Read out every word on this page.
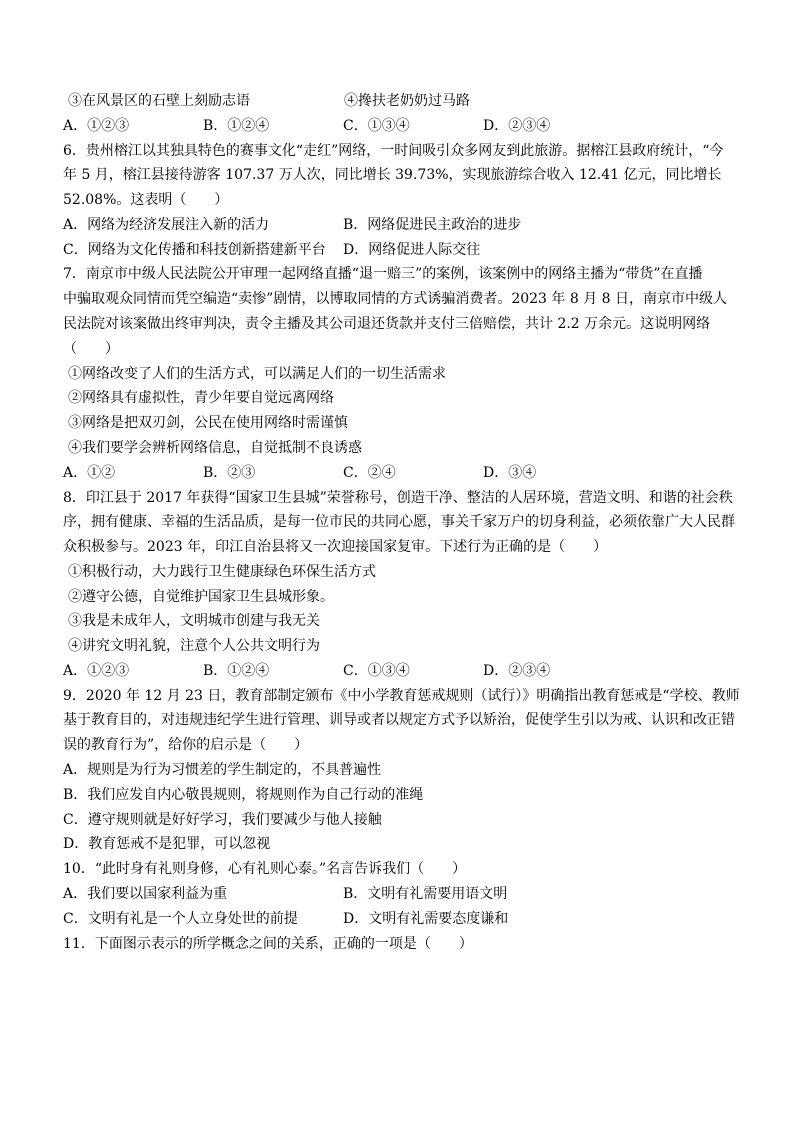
③在风景区的石壁上刻励志语	④搀扶老奶奶过马路
A．①②③	B．①②④	C．①③④	D．②③④
6．贵州榕江以其独具特色的赛事文化“走红”网络，一时间吸引众多网友到此旅游。据榕江县政府统计，“今
年 5 月，榕江县接待游客 107.37 万人次，同比增长 39.73%，实现旅游综合收入 12.41 亿元，同比增长
52.08%。这表明（　　）
A．网络为经济发展注入新的活力	B．网络促进民主政治的进步
C．网络为文化传播和科技创新搭建新平台 D．网络促进人际交往
7．南京市中级人民法院公开审理一起网络直播“退一赔三”的案例，该案例中的网络主播为“带货”在直播
中骗取观众同情而凭空编造“卖惨”剧情，以博取同情的方式诱骗消费者。2023 年 8 月 8 日，南京市中级人
民法院对该案做出终审判决，责令主播及其公司退还货款并支付三倍赔偿，共计 2.2 万余元。这说明网络
（　　）
①网络改变了人们的生活方式，可以满足人们的一切生活需求
②网络具有虚拟性，青少年要自觉远离网络
③网络是把双刃剑，公民在使用网络时需谨慎
④我们要学会辨析网络信息，自觉抵制不良诱惑
A．①②	B．②③	C．②④	D．③④
8．印江县于 2017 年获得“国家卫生县城”荣誉称号，创造干净、整洁的人居环境，营造文明、和谐的社会秩
序，拥有健康、幸福的生活品质，是每一位市民的共同心愿，事关千家万户的切身利益，必须依靠广大人民群
众积极参与。2023 年，印江自治县将又一次迎接国家复审。下述行为正确的是（　　）
①积极行动，大力践行卫生健康绿色环保生活方式
②遵守公德，自觉维护国家卫生县城形象。
③我是未成年人，文明城市创建与我无关
④讲究文明礼貌，注意个人公共文明行为
A．①②③	B．①②④	C．①③④	D．②③④
9．2020 年 12 月 23 日，教育部制定颁布《中小学教育惩戒规则（试行）》明确指出教育惩戒是“学校、教师
基于教育目的，对违规违纪学生进行管理、训导或者以规定方式予以矫治，促使学生引以为戒、认识和改正错
误的教育行为”，给你的启示是（　　）
A．规则是为行为习惯差的学生制定的，不具普遍性
B．我们应发自内心敬畏规则，将规则作为自己行动的准绳
C．遵守规则就是好好学习，我们要减少与他人接触
D．教育惩戒不是犯罪，可以忽视
10．“此时身有礼则身修，心有礼则心泰。”名言告诉我们（　　）
A．我们要以国家利益为重	B．文明有礼需要用语文明
C．文明有礼是一个人立身处世的前提	D．文明有礼需要态度谦和
11．下面图示表示的所学概念之间的关系，正确的一项是（　　）
